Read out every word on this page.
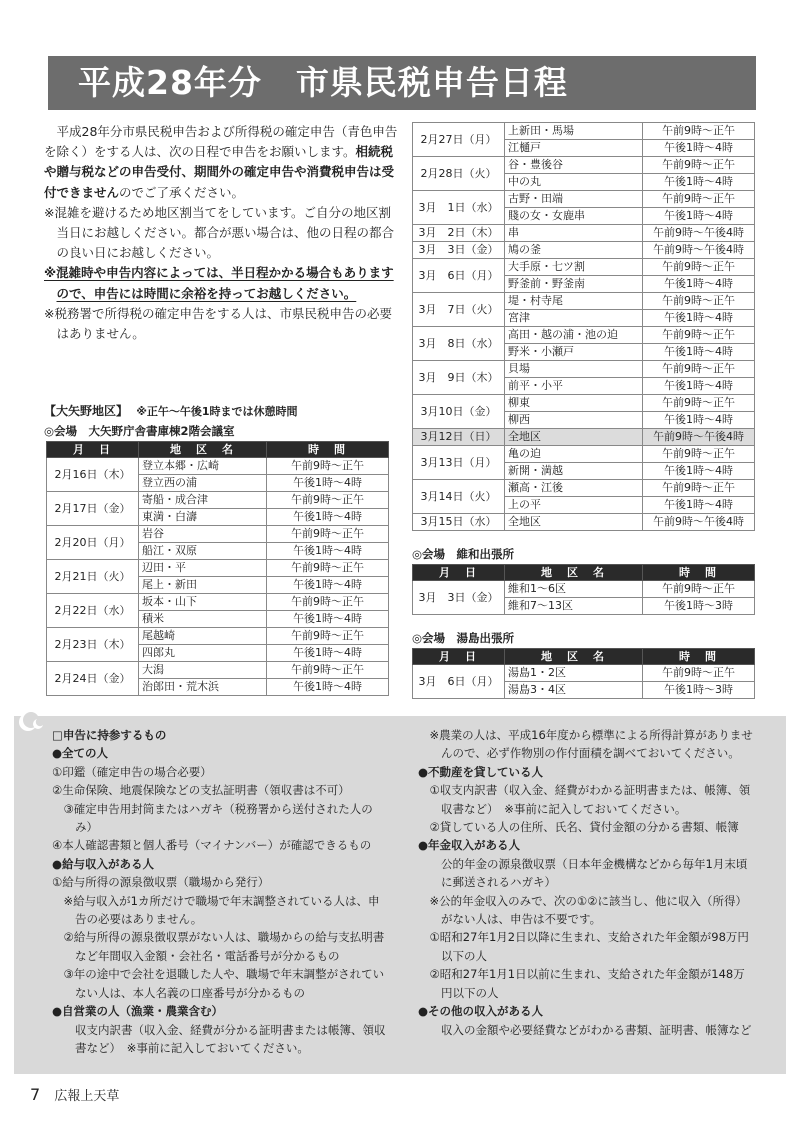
平成28年分　市県民税申告日程

平成28年分市県民税申告および所得税の確定申告（青色申告を除く）をする人は、次の日程で申告をお願いします。相続税や贈与税などの申告受付、期間外の確定申告や消費税申告は受付できませんのでご了承ください。

※混雑を避けるため地区割当てをしています。ご自分の地区割当日にお越しください。都合が悪い場合は、他の日程の都合の良い日にお越しください。

※混雑時や申告内容によっては、半日程かかる場合もありますので、申告には時間に余裕を持ってお越しください。

※税務署で所得税の確定申告をする人は、市県民税申告の必要はありません。

【大矢野地区】 ※正午～午後1時までは休憩時間
◎会場　大矢野庁舎書庫棟2階会議室
月　日	地　区　名	時　間
2月16日（木）	登立本郷・広崎	午前9時～正午
	登立西の浦	午後1時～4時
2月17日（金）	寄船・成合津	午前9時～正午
	東満・白濤	午後1時～4時
2月20日（月）	岩谷	午前9時～正午
	船江・双原	午後1時～4時
2月21日（火）	辺田・平	午前9時～正午
	尾上・新田	午後1時～4時
2月22日（水）	坂本・山下	午前9時～正午
	積米	午後1時～4時
2月23日（木）	尾越崎	午前9時～正午
	四郎丸	午後1時～4時
2月24日（金）	大潟	午前9時～正午
	治郎田・荒木浜	午後1時～4時
2月27日（月）	上新田・馬場	午前9時～正午
	江樋戸	午後1時～4時
2月28日（火）	谷・豊後谷	午前9時～正午
	中の丸	午後1時～4時
3月　1日（水）	古野・田端	午前9時～正午
	賤の女・女鹿串	午後1時～4時
3月　2日（木）	串	午前9時～午後4時
3月　3日（金）	鳩の釜	午前9時～午後4時
3月　6日（月）	大手原・七ツ割	午前9時～正午
	野釜前・野釜南	午後1時～4時
3月　7日（火）	堤・村寺尾	午前9時～正午
	宮津	午後1時～4時
3月　8日（水）	高田・越の浦・池の迫	午前9時～正午
	野米・小瀬戸	午後1時～4時
3月　9日（木）	貝場	午前9時～正午
	前平・小平	午後1時～4時
3月10日（金）	柳東	午前9時～正午
	柳西	午後1時～4時
3月12日（日）	全地区	午前9時～午後4時
3月13日（月）	亀の迫	午前9時～正午
	新開・満越	午後1時～4時
3月14日（火）	瀬高・江後	午前9時～正午
	上の平	午後1時～4時
3月15日（水）	全地区	午前9時～午後4時
◎会場　維和出張所
月　日	地　区　名	時　間
3月　3日（金）	維和1～6区	午前9時～正午
	維和7～13区	午後1時～3時
◎会場　湯島出張所
月　日	地　区　名	時　間
3月　6日（月）	湯島1・2区	午前9時～正午
	湯島3・4区	午後1時～3時

□申告に持参するもの

●全ての人

①印鑑（確定申告の場合必要）

②生命保険、地震保険などの支払証明書（領収書は不可）

③確定申告用封筒またはハガキ（税務署から送付された人のみ）

④本人確認書類と個人番号（マイナンバー）が確認できるもの

●給与収入がある人

①給与所得の源泉徴収票（職場から発行）

※給与収入が1カ所だけで職場で年末調整されている人は、申告の必要はありません。

②給与所得の源泉徴収票がない人は、職場からの給与支払明書など年間収入金額・会社名・電話番号が分かるもの

③年の途中で会社を退職した人や、職場で年末調整がされていない人は、本人名義の口座番号が分かるもの

●自営業の人（漁業・農業含む）

　収支内訳書（収入金、経費が分かる証明書または帳簿、領収書など）　※事前に記入しておいてください。

※農業の人は、平成16年度から標準による所得計算がありませんので、必ず作物別の作付面積を調べておいてください。

●不動産を貸している人

①収支内訳書（収入金、経費がわかる証明書または、帳簿、領収書など）　※事前に記入しておいてください。

②貸している人の住所、氏名、貸付金額の分かる書類、帳簿

●年金収入がある人

　公的年金の源泉徴収票（日本年金機構などから毎年1月末頃に郵送されるハガキ）

※公的年金収入のみで、次の①②に該当し、他に収入（所得）がない人は、申告は不要です。

①昭和27年1月2日以降に生まれ、支給された年金額が98万円以下の人

②昭和27年1月1日以前に生まれ、支給された年金額が148万円以下の人

●その他の収入がある人

　収入の金額や必要経費などがわかる書類、証明書、帳簿など

7 広報上天草
